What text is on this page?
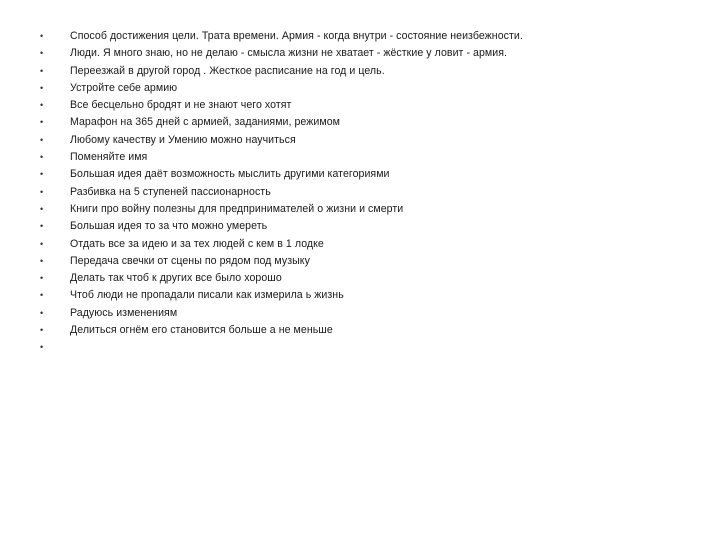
•	Способ достижения цели. Трата времени. Армия - когда внутри - состояние неизбежности.
•	Люди. Я много знаю, но не делаю - смысла жизни не хватает - жёсткие у ловит - армия.
•	Переезжай в другой город . Жесткое расписание на год и цель.
•	Устройте себе армию
•	Все бесцельно бродят и не знают чего хотят
•	Марафон на 365 дней с армией, заданиями, режимом
•	Любому качеству и Умению можно научиться
•	Поменяйте имя
•	Большая идея даёт возможность мыслить другими категориями
•	Разбивка на 5 ступеней пассионарность
•	Книги про войну полезны для предпринимателей о жизни и смерти
•	Большая идея то за что можно умереть
•	Отдать все за идею и за тех людей с кем в 1 лодке
•	Передача свечки от сцены по рядом под музыку
•	Делать так чтоб к других все было хорошо
•	Чтоб люди не пропадали писали как измерила ь жизнь
•	Радуюсь изменениям
•	Делиться огнём его становится больше а не меньше
•
